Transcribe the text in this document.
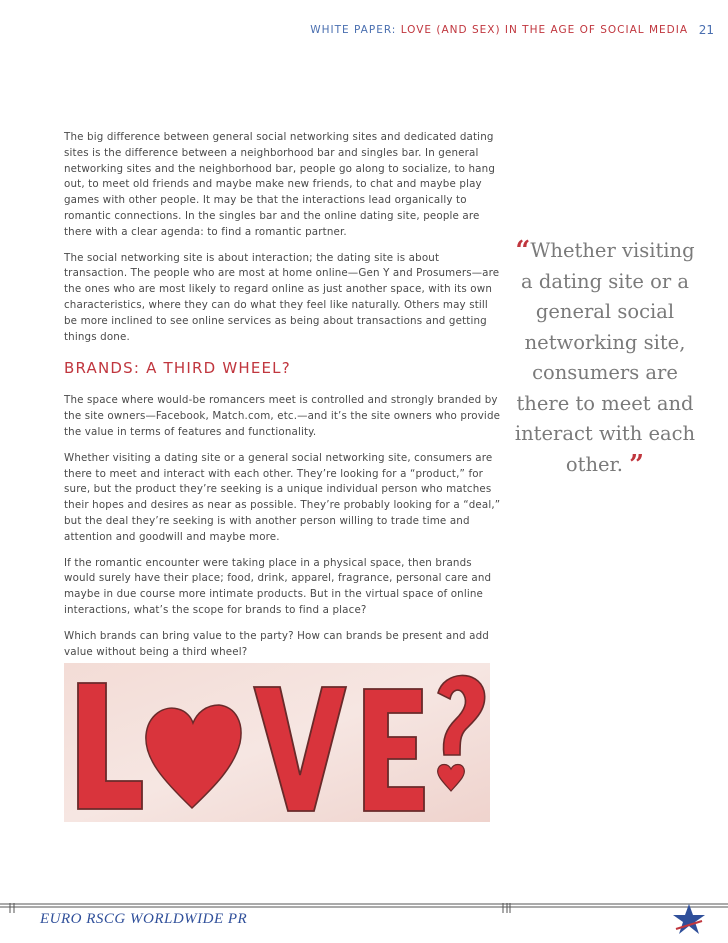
WHITE PAPER: LOVE (AND SEX) IN THE AGE OF SOCIAL MEDIA 21

The big difference between general social networking sites and dedicated dating sites is the difference between a neighborhood bar and singles bar. In general networking sites and the neighborhood bar, people go along to socialize, to hang out, to meet old friends and maybe make new friends, to chat and maybe play games with other people. It may be that the interactions lead organically to romantic connections. In the singles bar and the online dating site, people are there with a clear agenda: to find a romantic partner.

The social networking site is about interaction; the dating site is about transaction. The people who are most at home online—Gen Y and Prosumers—are the ones who are most likely to regard online as just another space, with its own characteristics, where they can do what they feel like naturally. Others may still be more inclined to see online services as being about transactions and getting things done.

BRANDS: A THIRD WHEEL?

The space where would-be romancers meet is controlled and strongly branded by the site owners—Facebook, Match.com, etc.—and it’s the site owners who provide the value in terms of features and functionality.

Whether visiting a dating site or a general social networking site, consumers are there to meet and interact with each other. They’re looking for a “product,” for sure, but the product they’re seeking is a unique individual person who matches their hopes and desires as near as possible. They’re probably looking for a “deal,” but the deal they’re seeking is with another person willing to trade time and attention and goodwill and maybe more.

If the romantic encounter were taking place in a physical space, then brands would surely have their place; food, drink, apparel, fragrance, personal care and maybe in due course more intimate products. But in the virtual space of online interactions, what’s the scope for brands to find a place?

Which brands can bring value to the party? How can brands be present and add value without being a third wheel?

“Whether visiting a dating site or a general social networking site, consumers are there to meet and interact with each other. ”
EURO RSCG WORLDWIDE PR
